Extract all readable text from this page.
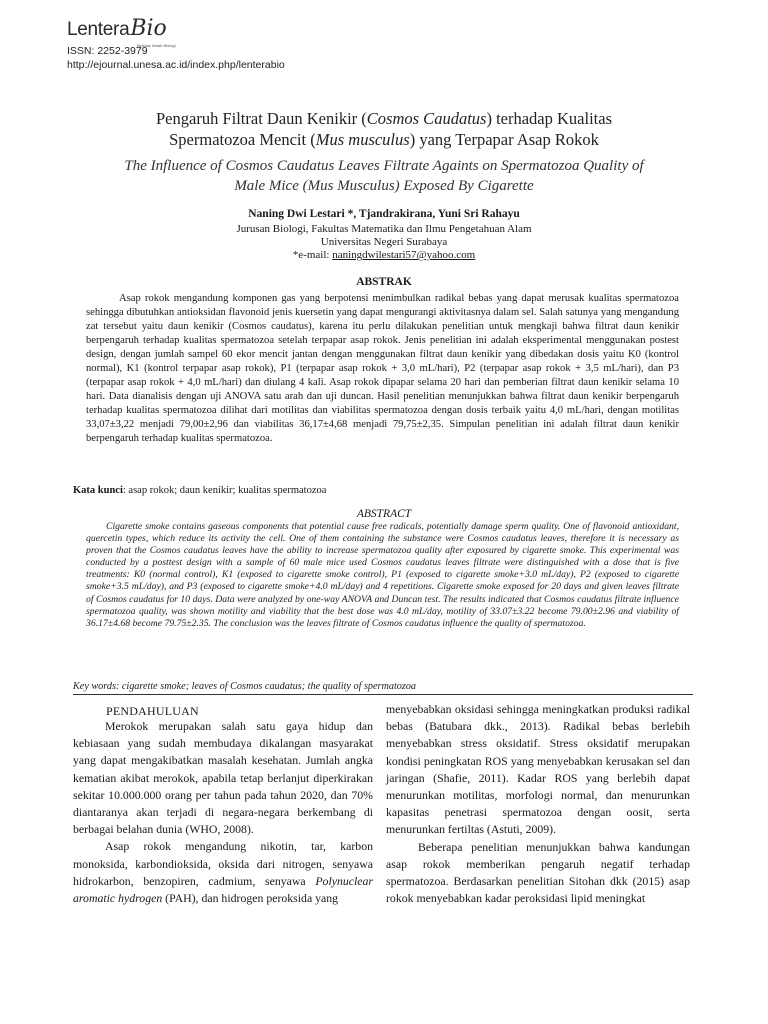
LenteraBio
Berkala Ilmiah Biologi
ISSN: 2252-3979
http://ejournal.unesa.ac.id/index.php/lenterabio
Pengaruh Filtrat Daun Kenikir (Cosmos Caudatus) terhadap Kualitas
Spermatozoa Mencit (Mus musculus) yang Terpapar Asap Rokok
The Influence of Cosmos Caudatus Leaves Filtrate Againts on Spermatozoa Quality of
Male Mice (Mus Musculus) Exposed By Cigarette
Naning Dwi Lestari *, Tjandrakirana, Yuni Sri Rahayu
Jurusan Biologi, Fakultas Matematika dan Ilmu Pengetahuan Alam
Universitas Negeri Surabaya
*e-mail: naningdwilestari57@yahoo.com
ABSTRAK
Asap rokok mengandung komponen gas yang berpotensi menimbulkan radikal bebas yang dapat merusak kualitas spermatozoa sehingga dibutuhkan antioksidan flavonoid jenis kuersetin yang dapat mengurangi aktivitasnya dalam sel. Salah satunya yang mengandung zat tersebut yaitu daun kenikir (Cosmos caudatus), karena itu perlu dilakukan penelitian untuk mengkaji bahwa filtrat daun kenikir berpengaruh terhadap kualitas spermatozoa setelah terpapar asap rokok. Jenis penelitian ini adalah eksperimental menggunakan postest design, dengan jumlah sampel 60 ekor mencit jantan dengan menggunakan filtrat daun kenikir yang dibedakan dosis yaitu K0 (kontrol normal), K1 (kontrol terpapar asap rokok), P1 (terpapar asap rokok + 3,0 mL/hari), P2 (terpapar asap rokok + 3,5 mL/hari), dan P3 (terpapar asap rokok + 4,0 mL/hari) dan diulang 4 kali. Asap rokok dipapar selama 20 hari dan pemberian filtrat daun kenikir selama 10 hari. Data dianalisis dengan uji ANOVA satu arah dan uji duncan. Hasil penelitian menunjukkan bahwa filtrat daun kenikir berpengaruh terhadap kualitas spermatozoa dilihat dari motilitas dan viabilitas spermatozoa dengan dosis terbaik yaitu 4,0 mL/hari, dengan motilitas 33,07±3,22 menjadi 79,00±2,96 dan viabilitas 36,17±4,68 menjadi 79,75±2,35. Simpulan penelitian ini adalah filtrat daun kenikir berpengaruh terhadap kualitas spermatozoa.
Kata kunci: asap rokok; daun kenikir; kualitas spermatozoa
ABSTRACT
Cigarette smoke contains gaseous components that potential cause free radicals, potentially damage sperm quality. One of flavonoid antioxidant, quercetin types, which reduce its activity the cell. One of them containing the substance were Cosmos caudatus leaves, therefore it is necessary as proven that the Cosmos caudatus leaves have the ability to increase spermatozoa quality after exposured by cigarette smoke. This experimental was conducted by a posttest design with a sample of 60 male mice used Cosmos caudatus leaves filtrate were distinguished with a dose that is five treatments: K0 (normal control), K1 (exposed to cigarette smoke control), P1 (exposed to cigarette smoke+3.0 mL/day), P2 (exposed to cigarette smoke+3.5 mL/day), and P3 (exposed to cigarette smoke+4.0 mL/day) and 4 repetitions. Cigarette smoke exposed for 20 days and given leaves filtrate of Cosmos caudatus for 10 days. Data were analyzed by one-way ANOVA and Duncan test. The results indicated that Cosmos caudatus filtrate influence spermatozoa quality, was shown motility and viability that the best dose was 4.0 mL/day, motility of 33.07±3.22 become 79.00±2.96 and viability of 36.17±4.68 become 79.75±2.35. The conclusion was the leaves filtrate of Cosmos caudatus influence the quality of spermatozoa.
Key words: cigarette smoke; leaves of Cosmos caudatus; the quality of spermatozoa
PENDAHULUAN

Merokok merupakan salah satu gaya hidup dan kebiasaan yang sudah membudaya dikalangan masyarakat yang dapat mengakibatkan masalah kesehatan. Jumlah angka kematian akibat merokok, apabila tetap berlanjut diperkirakan sekitar 10.000.000 orang per tahun pada tahun 2020, dan 70% diantaranya akan terjadi di negara-negara berkembang di berbagai belahan dunia (WHO, 2008).

Asap rokok mengandung nikotin, tar, karbon monoksida, karbondioksida, oksida dari nitrogen, senyawa hidrokarbon, benzopiren, cadmium, senyawa Polynuclear aromatic hydrogen (PAH), dan hidrogen peroksida yang

menyebabkan oksidasi sehingga meningkatkan produksi radikal bebas (Batubara dkk., 2013). Radikal bebas berlebih menyebabkan stress oksidatif. Stress oksidatif merupakan kondisi peningkatan ROS yang menyebabkan kerusakan sel dan jaringan (Shafie, 2011). Kadar ROS yang berlebih dapat menurunkan motilitas, morfologi normal, dan menurunkan kapasitas penetrasi spermatozoa dengan oosit, serta menurunkan fertiltas (Astuti, 2009).

Beberapa penelitian menunjukkan bahwa kandungan asap rokok memberikan pengaruh negatif terhadap spermatozoa. Berdasarkan penelitian Sitohan dkk (2015) asap rokok menyebabkan kadar peroksidasi lipid meningkat
